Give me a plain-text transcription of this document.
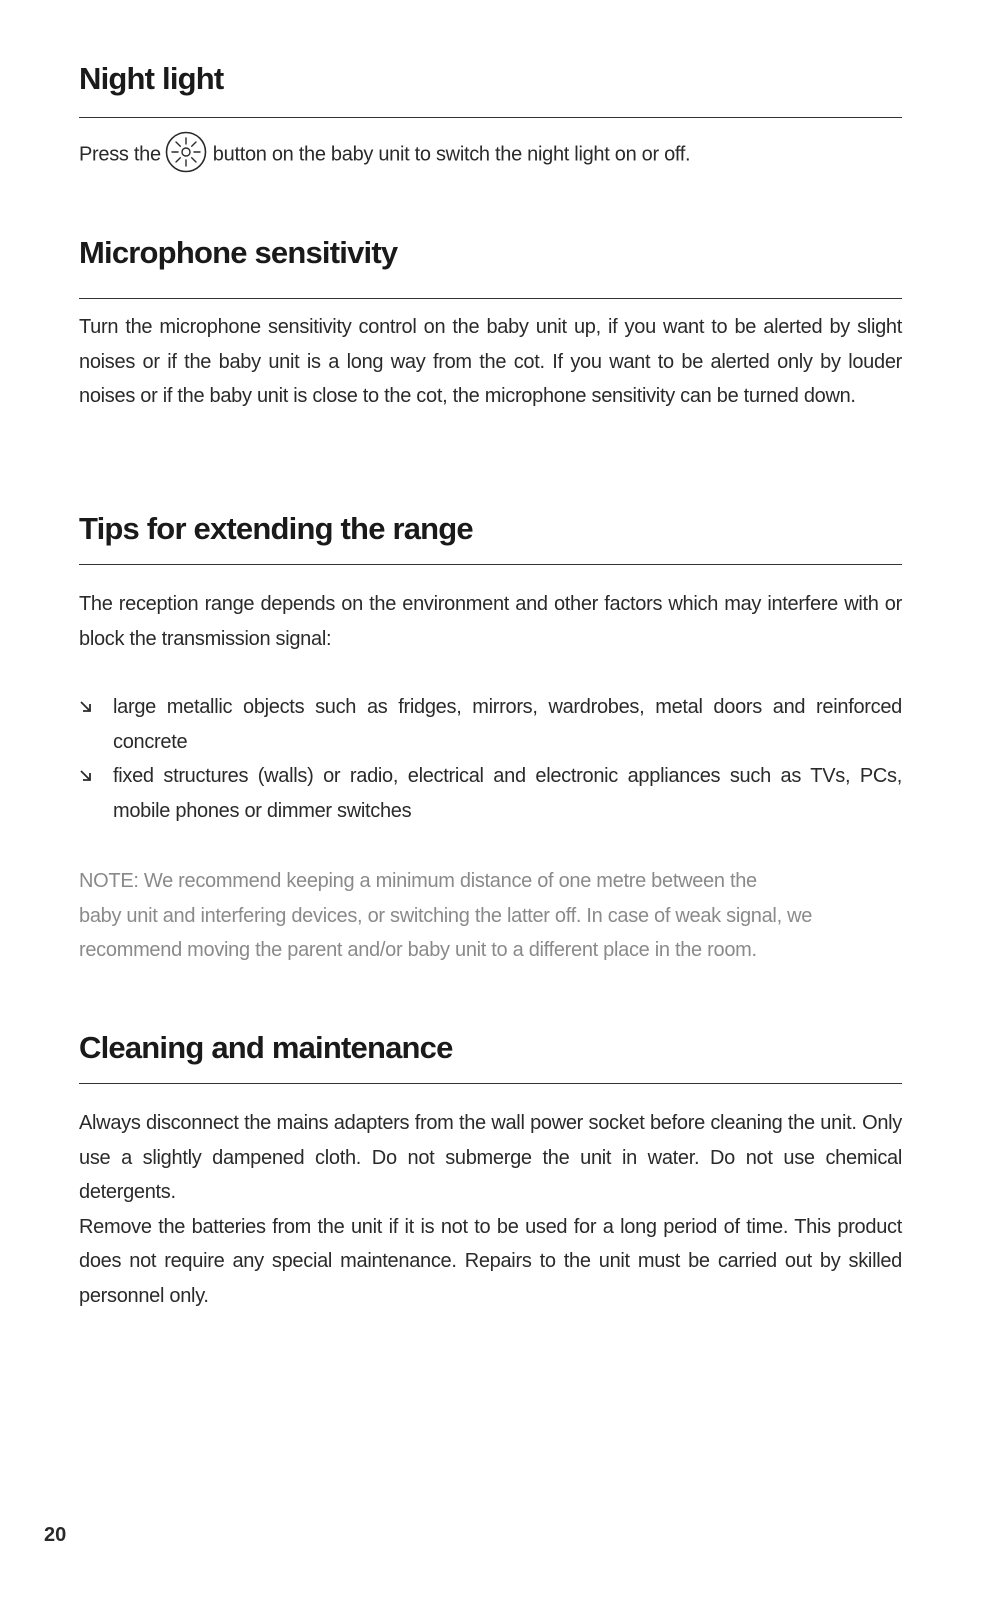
Night light

Press the	button on the baby unit to switch the night light on or off.

Microphone sensitivity

Turn the microphone sensitivity control on the baby unit up, if you want to be alerted by slight noises or if the baby unit is a long way from the cot. If you want to be alerted only by louder noises or if the baby unit is close to the cot, the microphone sensitivity can be turned down.

Tips for extending the range

The reception range depends on the environment and other factors which may interfere with or block the transmission signal:

large metallic objects such as fridges, mirrors, wardrobes, metal doors and reinforced concrete
fixed structures (walls) or radio, electrical and electronic appliances such as TVs, PCs, mobile phones or dimmer switches

NOTE: We recommend keeping a minimum distance of one metre between the
baby unit and interfering devices, or switching the latter off. In case of weak signal, we recommend moving the parent and/or baby unit to a different place in the room.

Cleaning and maintenance

Always disconnect the mains adapters from the wall power socket before cleaning the unit. Only use a slightly dampened cloth. Do not submerge the unit in water. Do not use chemical detergents.

Remove the batteries from the unit if it is not to be used for a long period of time. This product does not require any special maintenance. Repairs to the unit must be carried out by skilled personnel only.

20
